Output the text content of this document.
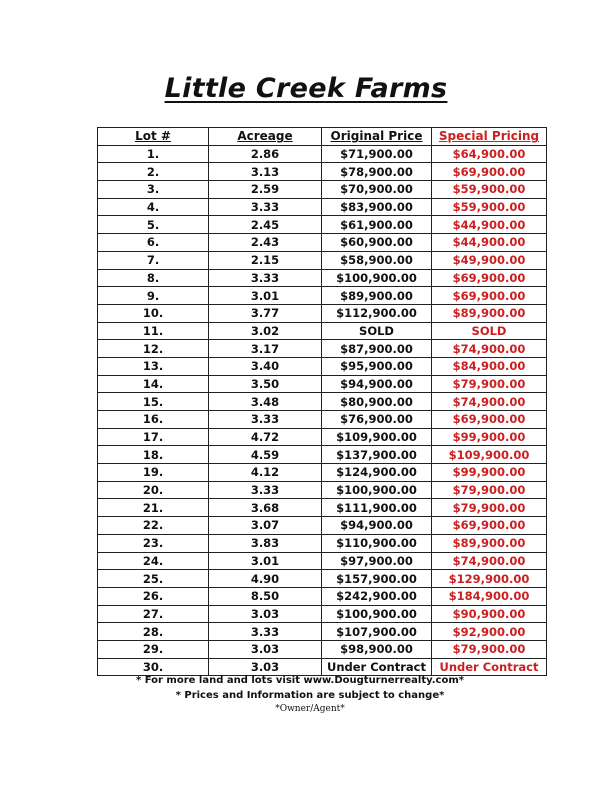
Little Creek Farms
Lot #	Acreage	Original Price	Special Pricing
1.	2.86	$71,900.00	$64,900.00
2.	3.13	$78,900.00	$69,900.00
3.	2.59	$70,900.00	$59,900.00
4.	3.33	$83,900.00	$59,900.00
5.	2.45	$61,900.00	$44,900.00
6.	2.43	$60,900.00	$44,900.00
7.	2.15	$58,900.00	$49,900.00
8.	3.33	$100,900.00	$69,900.00
9.	3.01	$89,900.00	$69,900.00
10.	3.77	$112,900.00	$89,900.00
11.	3.02	SOLD	SOLD
12.	3.17	$87,900.00	$74,900.00
13.	3.40	$95,900.00	$84,900.00
14.	3.50	$94,900.00	$79,900.00
15.	3.48	$80,900.00	$74,900.00
16.	3.33	$76,900.00	$69,900.00
17.	4.72	$109,900.00	$99,900.00
18.	4.59	$137,900.00	$109,900.00
19.	4.12	$124,900.00	$99,900.00
20.	3.33	$100,900.00	$79,900.00
21.	3.68	$111,900.00	$79,900.00
22.	3.07	$94,900.00	$69,900.00
23.	3.83	$110,900.00	$89,900.00
24.	3.01	$97,900.00	$74,900.00
25.	4.90	$157,900.00	$129,900.00
26.	8.50	$242,900.00	$184,900.00
27.	3.03	$100,900.00	$90,900.00
28.	3.33	$107,900.00	$92,900.00
29.	3.03	$98,900.00	$79,900.00
30.	3.03	Under Contract	Under Contract
* For more land and lots visit www.Dougturnerrealty.com*
* Prices and Information are subject to change*
*Owner/Agent*
